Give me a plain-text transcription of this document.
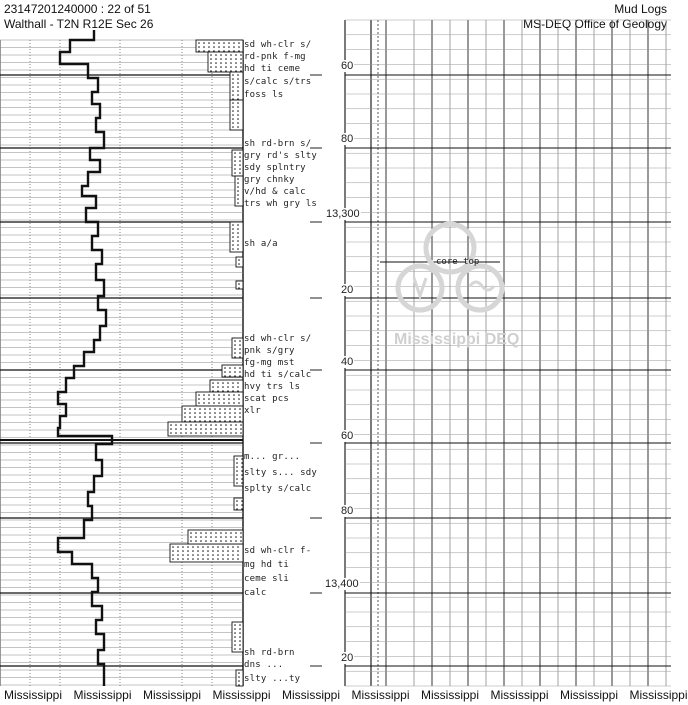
23147201240000 : 22 of 51
Walthall - T2N R12E Sec 26
Mud Logs
MS-DEQ Office of Geology
Mississippi DEQ
sd wh-clr s/
rd-pnk f-mg
hd ti ceme
s/calc s/trs
foss ls
sh rd-brn s/
gry rd's slty
sdy splntry
gry chnky
v/hd & calc
trs wh gry ls
sh a/a
sd wh-clr s/
pnk s/gry
fg-mg mst
hd ti s/calc
hvy trs ls
scat pcs
xlr
m... gr...
slty s... sdy
splty s/calc
sd wh-clr f-
mg hd ti
ceme sli
calc
sh rd-brn
dns ...
slty ...ty
60
80
13,300
20
40
60
80
13,400
20
core top
Mississippi Mississippi Mississippi Mississippi Mississippi Mississippi Mississippi Mississippi Mississippi Mississippi
